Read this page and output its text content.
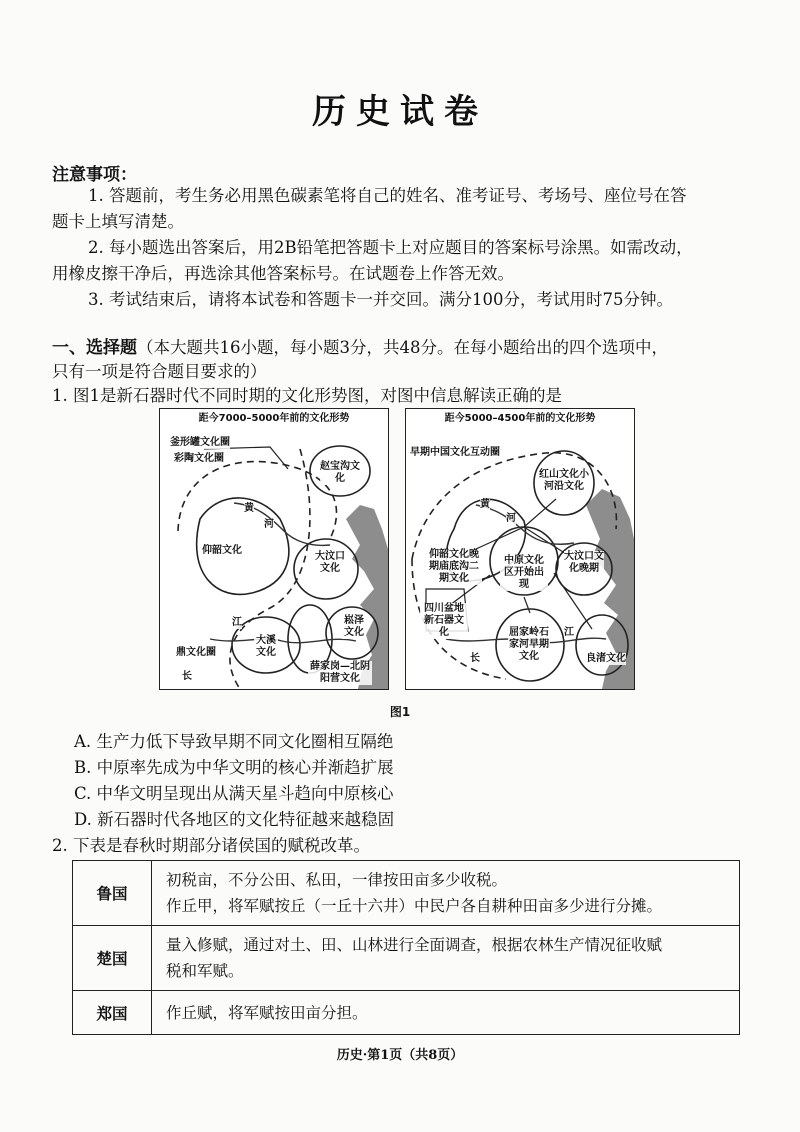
历史试卷
注意事项：
1. 答题前，考生务必用黑色碳素笔将自己的姓名、准考证号、考场号、座位号在答
题卡上填写清楚。
2. 每小题选出答案后，用2B铅笔把答题卡上对应题目的答案标号涂黑。如需改动，
用橡皮擦干净后，再选涂其他答案标号。在试题卷上作答无效。
3. 考试结束后，请将本试卷和答题卡一并交回。满分100分，考试用时75分钟。
一、选择题（本大题共16小题，每小题3分，共48分。在每小题给出的四个选项中，
只有一项是符合题目要求的）
1. 图1是新石器时代不同时期的文化形势图，对图中信息解读正确的是
距今7000–5000年前的文化形势
釜形罐文化圈
彩陶文化圈
赵宝沟文化
黄
河
仰韶文化
大汶口文化
江
大溪文化
崧泽文化
鼎文化圈
长
薛家岗—北阴阳营文化
距今5000–4500年前的文化形势
早期中国文化互动圈
红山文化小河沿文化
黄
河
仰韶文化晚期庙底沟二期文化
中原文化区开始出现
大汶口文化晚期
四川盆地新石器文化	屈家岭石家河早期文化
江
长	良渚文化
图1
A. 生产力低下导致早期不同文化圈相互隔绝
B. 中原率先成为中华文明的核心并渐趋扩展
C. 中华文明呈现出从满天星斗趋向中原核心
D. 新石器时代各地区的文化特征越来越稳固
2. 下表是春秋时期部分诸侯国的赋税改革。
鲁国	初税亩，不分公田、私田，一律按田亩多少收税。
作丘甲，将军赋按丘（一丘十六井）中民户各自耕种田亩多少进行分摊。

楚国	量入修赋，通过对土、田、山林进行全面调查，根据农林生产情况征收赋
税和军赋。

郑国	作丘赋，将军赋按田亩分担。
历史·第1页（共8页）
